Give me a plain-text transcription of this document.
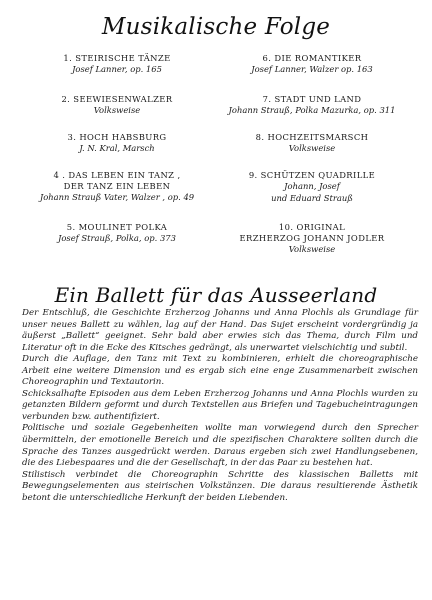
Musikalische Folge
1. STEIRISCHE TÄNZE
Josef Lanner, op. 165
2. SEEWIESENWALZER
Volksweise
3. HOCH HABSBURG
J. N. Kral, Marsch
4 . DAS LEBEN EIN TANZ ,
DER TANZ EIN LEBEN
Johann Strauß Vater, Walzer , op. 49
5. MOULINET POLKA
Josef Strauß, Polka, op. 373
6. DIE ROMANTIKER
Josef Lanner, Walzer op. 163
7. STADT UND LAND
Johann Strauß, Polka Mazurka, op. 311
8. HOCHZEITSMARSCH
Volksweise
9. SCHÜTZEN QUADRILLE
Johann, Josef
und Eduard Strauß
10. ORIGINAL
ERZHERZOG JOHANN JODLER
Volksweise
Ein Ballett für das Ausseerland

Der Entschluß, die Geschichte Erzherzog Johanns und Anna Plochls als Grundlage für unser neues Ballett zu wählen, lag auf der Hand. Das Sujet erscheint vordergründig ja äußerst „Ballett“ geeignet. Sehr bald aber erwies sich das Thema, durch Film und Literatur oft in die Ecke des Kitsches gedrängt, als unerwartet vielschichtig und subtil.

Durch die Auflage, den Tanz mit Text zu kombinieren, erhielt die choreographische Arbeit eine weitere Dimension und es ergab sich eine enge Zusammenarbeit zwischen Choreographin und Textautorin.

Schicksalhafte Episoden aus dem Leben Erzherzog Johanns und Anna Plochls wurden zu getanzten Bildern geformt und durch Textstellen aus Briefen und Tagebucheintragungen verbunden bzw. authentifiziert.

Politische und soziale Gegebenheiten wollte man vorwiegend durch den Sprecher übermitteln, der emotionelle Bereich und die spezifischen Charaktere sollten durch die Sprache des Tanzes ausgedrückt werden. Daraus ergeben sich zwei Handlungsebenen, die des Liebespaares und die der Gesellschaft, in der das Paar zu bestehen hat.

Stilistisch verbindet die Choreographin Schritte des klassischen Balletts mit Bewegungselementen aus steirischen Volkstänzen. Die daraus resultierende Ästhetik betont die unterschiedliche Herkunft der beiden Liebenden.
